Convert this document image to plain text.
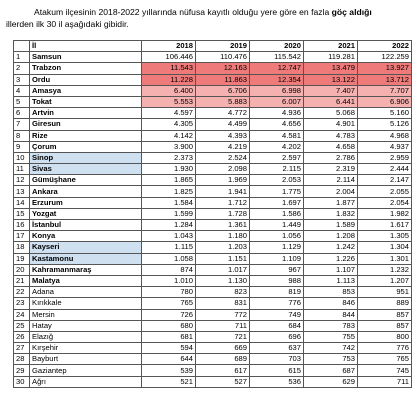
Atakum ilçesinin 2018-2022 yıllarında nüfusa kayıtlı olduğu yere göre en fazla göç aldığı
illerden ilk 30 il aşağıdaki gibidir.
	İl	2018	2019	2020	2021	2022
1	Samsun	106.446	110.476	115.542	119.281	122.259
2	Trabzon	11.543	12.163	12.747	13.479	13.927
3	Ordu	11.228	11.863	12.354	13.122	13.712
4	Amasya	6.400	6.706	6.998	7.407	7.707
5	Tokat	5.553	5.883	6.007	6.441	6.906
6	Artvin	4.597	4.772	4.936	5.068	5.160
7	Giresun	4.305	4.499	4.656	4.901	5.126
8	Rize	4.142	4.393	4.581	4.783	4.968
9	Çorum	3.900	4.219	4.202	4.658	4.937
10	Sinop	2.373	2.524	2.597	2.786	2.959
11	Sivas	1.930	2.098	2.115	2.319	2.444
12	Gümüşhane	1.865	1.969	2.053	2.114	2.147
13	Ankara	1.825	1.941	1.775	2.004	2.055
14	Erzurum	1.584	1.712	1.697	1.877	2.054
15	Yozgat	1.599	1.728	1.586	1.832	1.982
16	İstanbul	1.284	1.361	1.449	1.589	1.617
17	Konya	1.043	1.180	1.056	1.208	1.305
18	Kayseri	1.115	1.203	1.129	1.242	1.304
19	Kastamonu	1.058	1.151	1.109	1.226	1.301
20	Kahramanmaraş	874	1.017	967	1.107	1.232
21	Malatya	1.010	1.130	988	1.113	1.207
22	Adana	780	823	819	853	951
23	Kırıkkale	765	831	776	846	889
24	Mersin	726	772	749	844	857
25	Hatay	680	711	684	783	857
26	Elazığ	681	721	696	755	800
27	Kırşehir	594	669	637	742	776
28	Bayburt	644	689	703	753	765
29	Gaziantep	539	617	615	687	745
30	Ağrı	521	527	536	629	711
